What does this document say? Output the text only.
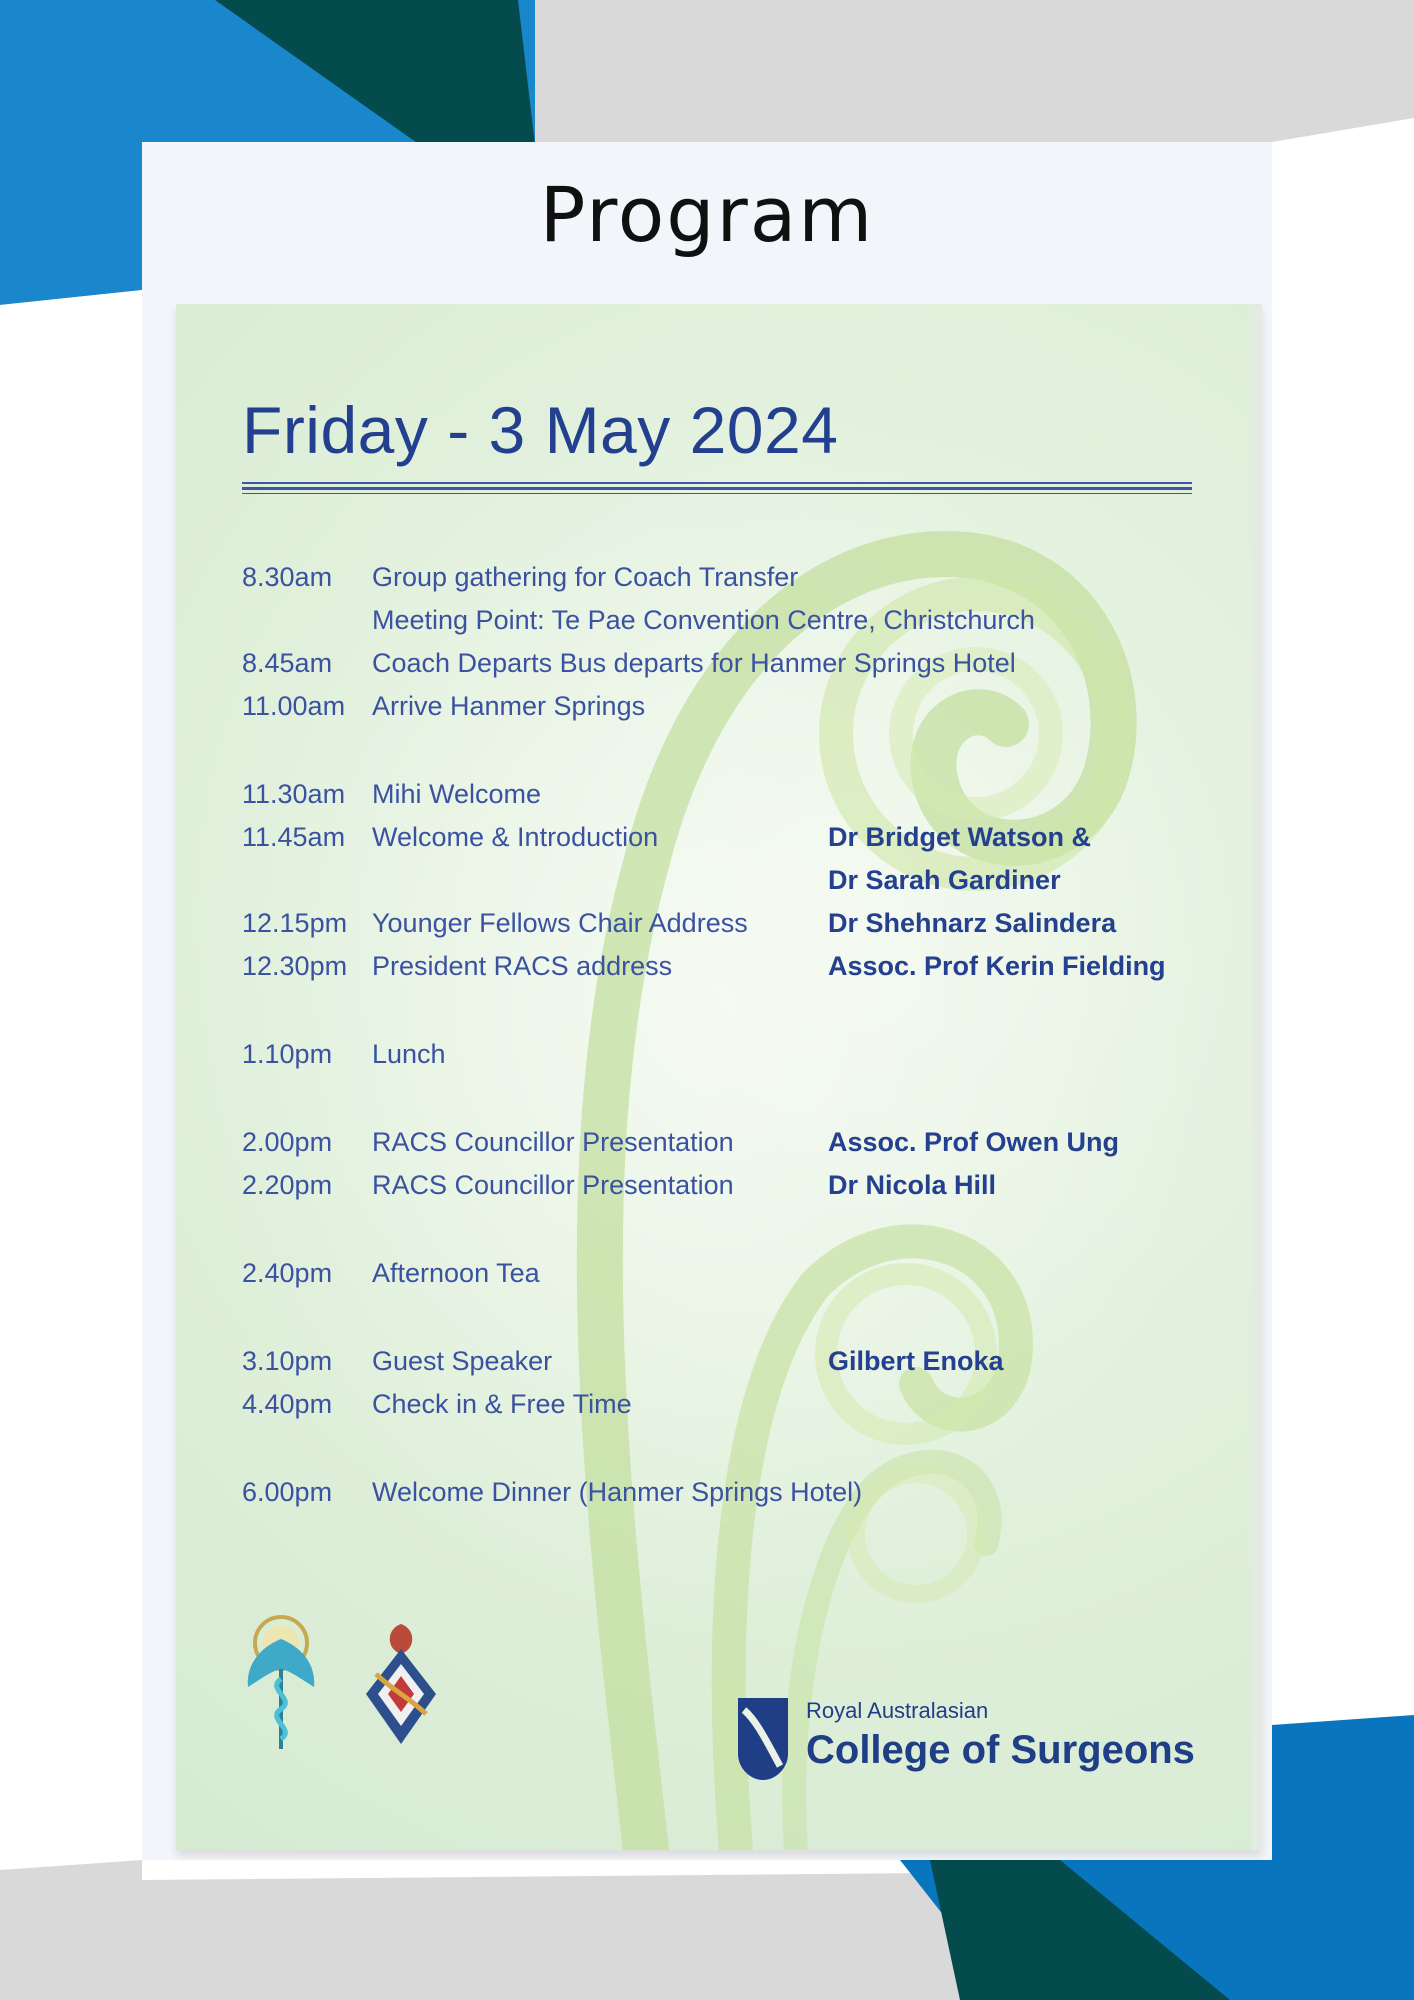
Program
Friday - 3 May 2024
8.30am Group gathering for Coach Transfer
Meeting Point: Te Pae Convention Centre, Christchurch
8.45am Coach Departs Bus departs for Hanmer Springs Hotel
11.00am Arrive Hanmer Springs
11.30am Mihi Welcome
11.45am Welcome & Introduction	Dr Bridget Watson &
Dr Sarah Gardiner
12.15pm Younger Fellows Chair Address	Dr Shehnarz Salindera
12.30pm President RACS address	Assoc. Prof Kerin Fielding
1.10pm Lunch
2.00pm RACS Councillor Presentation	Assoc. Prof Owen Ung
2.20pm RACS Councillor Presentation	Dr Nicola Hill
2.40pm Afternoon Tea
3.10pm Guest Speaker	Gilbert Enoka
4.40pm Check in & Free Time
6.00pm Welcome Dinner (Hanmer Springs Hotel)
Royal Australasian
College of Surgeons
